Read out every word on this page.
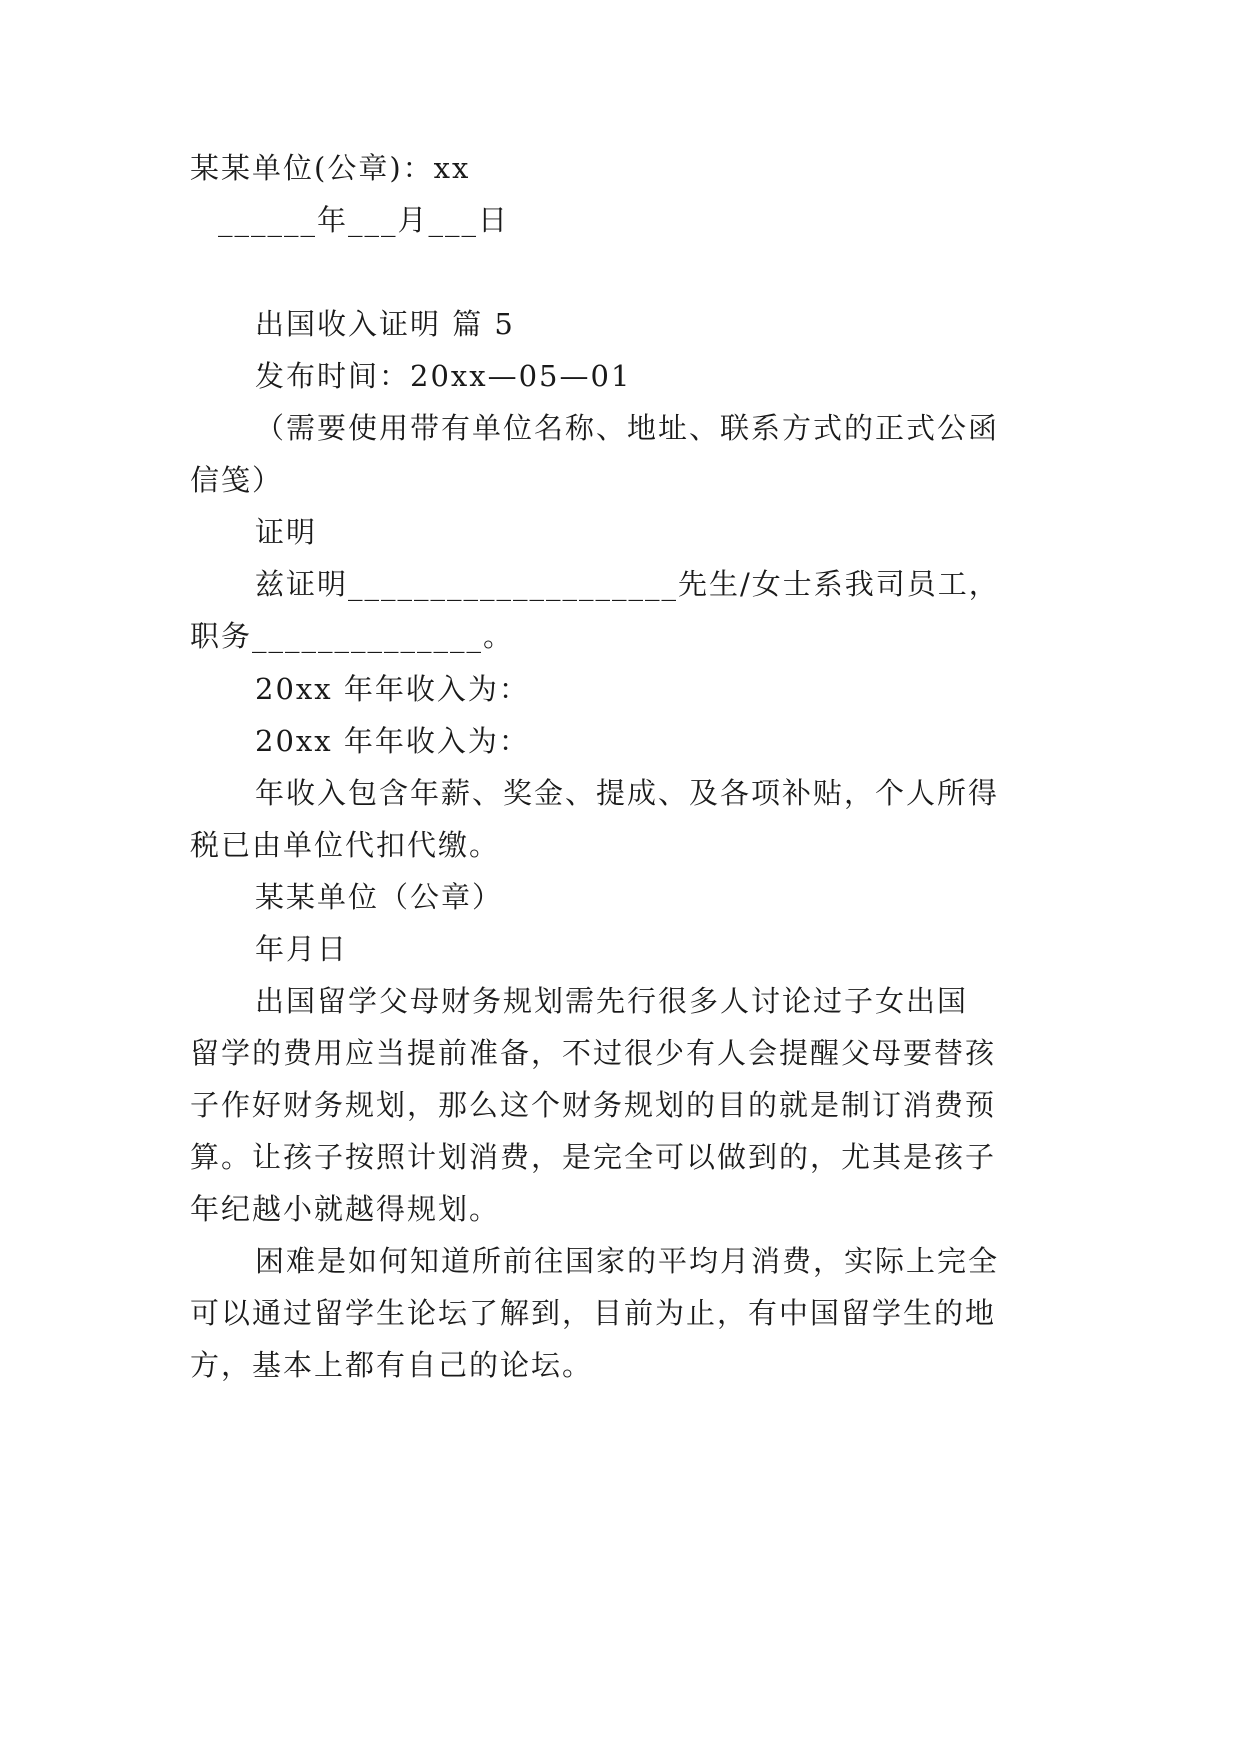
某某单位(公章)：xx
______年___月___日
出国收入证明 篇 5
发布时间：20xx—05—01
（需要使用带有单位名称、地址、联系方式的正式公函
信笺）
证明
兹证明____________________先生/女士系我司员工，
职务______________。
20xx 年年收入为：
20xx 年年收入为：
年收入包含年薪、奖金、提成、及各项补贴，个人所得
税已由单位代扣代缴。
某某单位（公章）
年月日
出国留学父母财务规划需先行很多人讨论过子女出国
留学的费用应当提前准备，不过很少有人会提醒父母要替孩
子作好财务规划，那么这个财务规划的目的就是制订消费预
算。让孩子按照计划消费，是完全可以做到的，尤其是孩子
年纪越小就越得规划。
困难是如何知道所前往国家的平均月消费，实际上完全
可以通过留学生论坛了解到，目前为止，有中国留学生的地
方，基本上都有自己的论坛。
